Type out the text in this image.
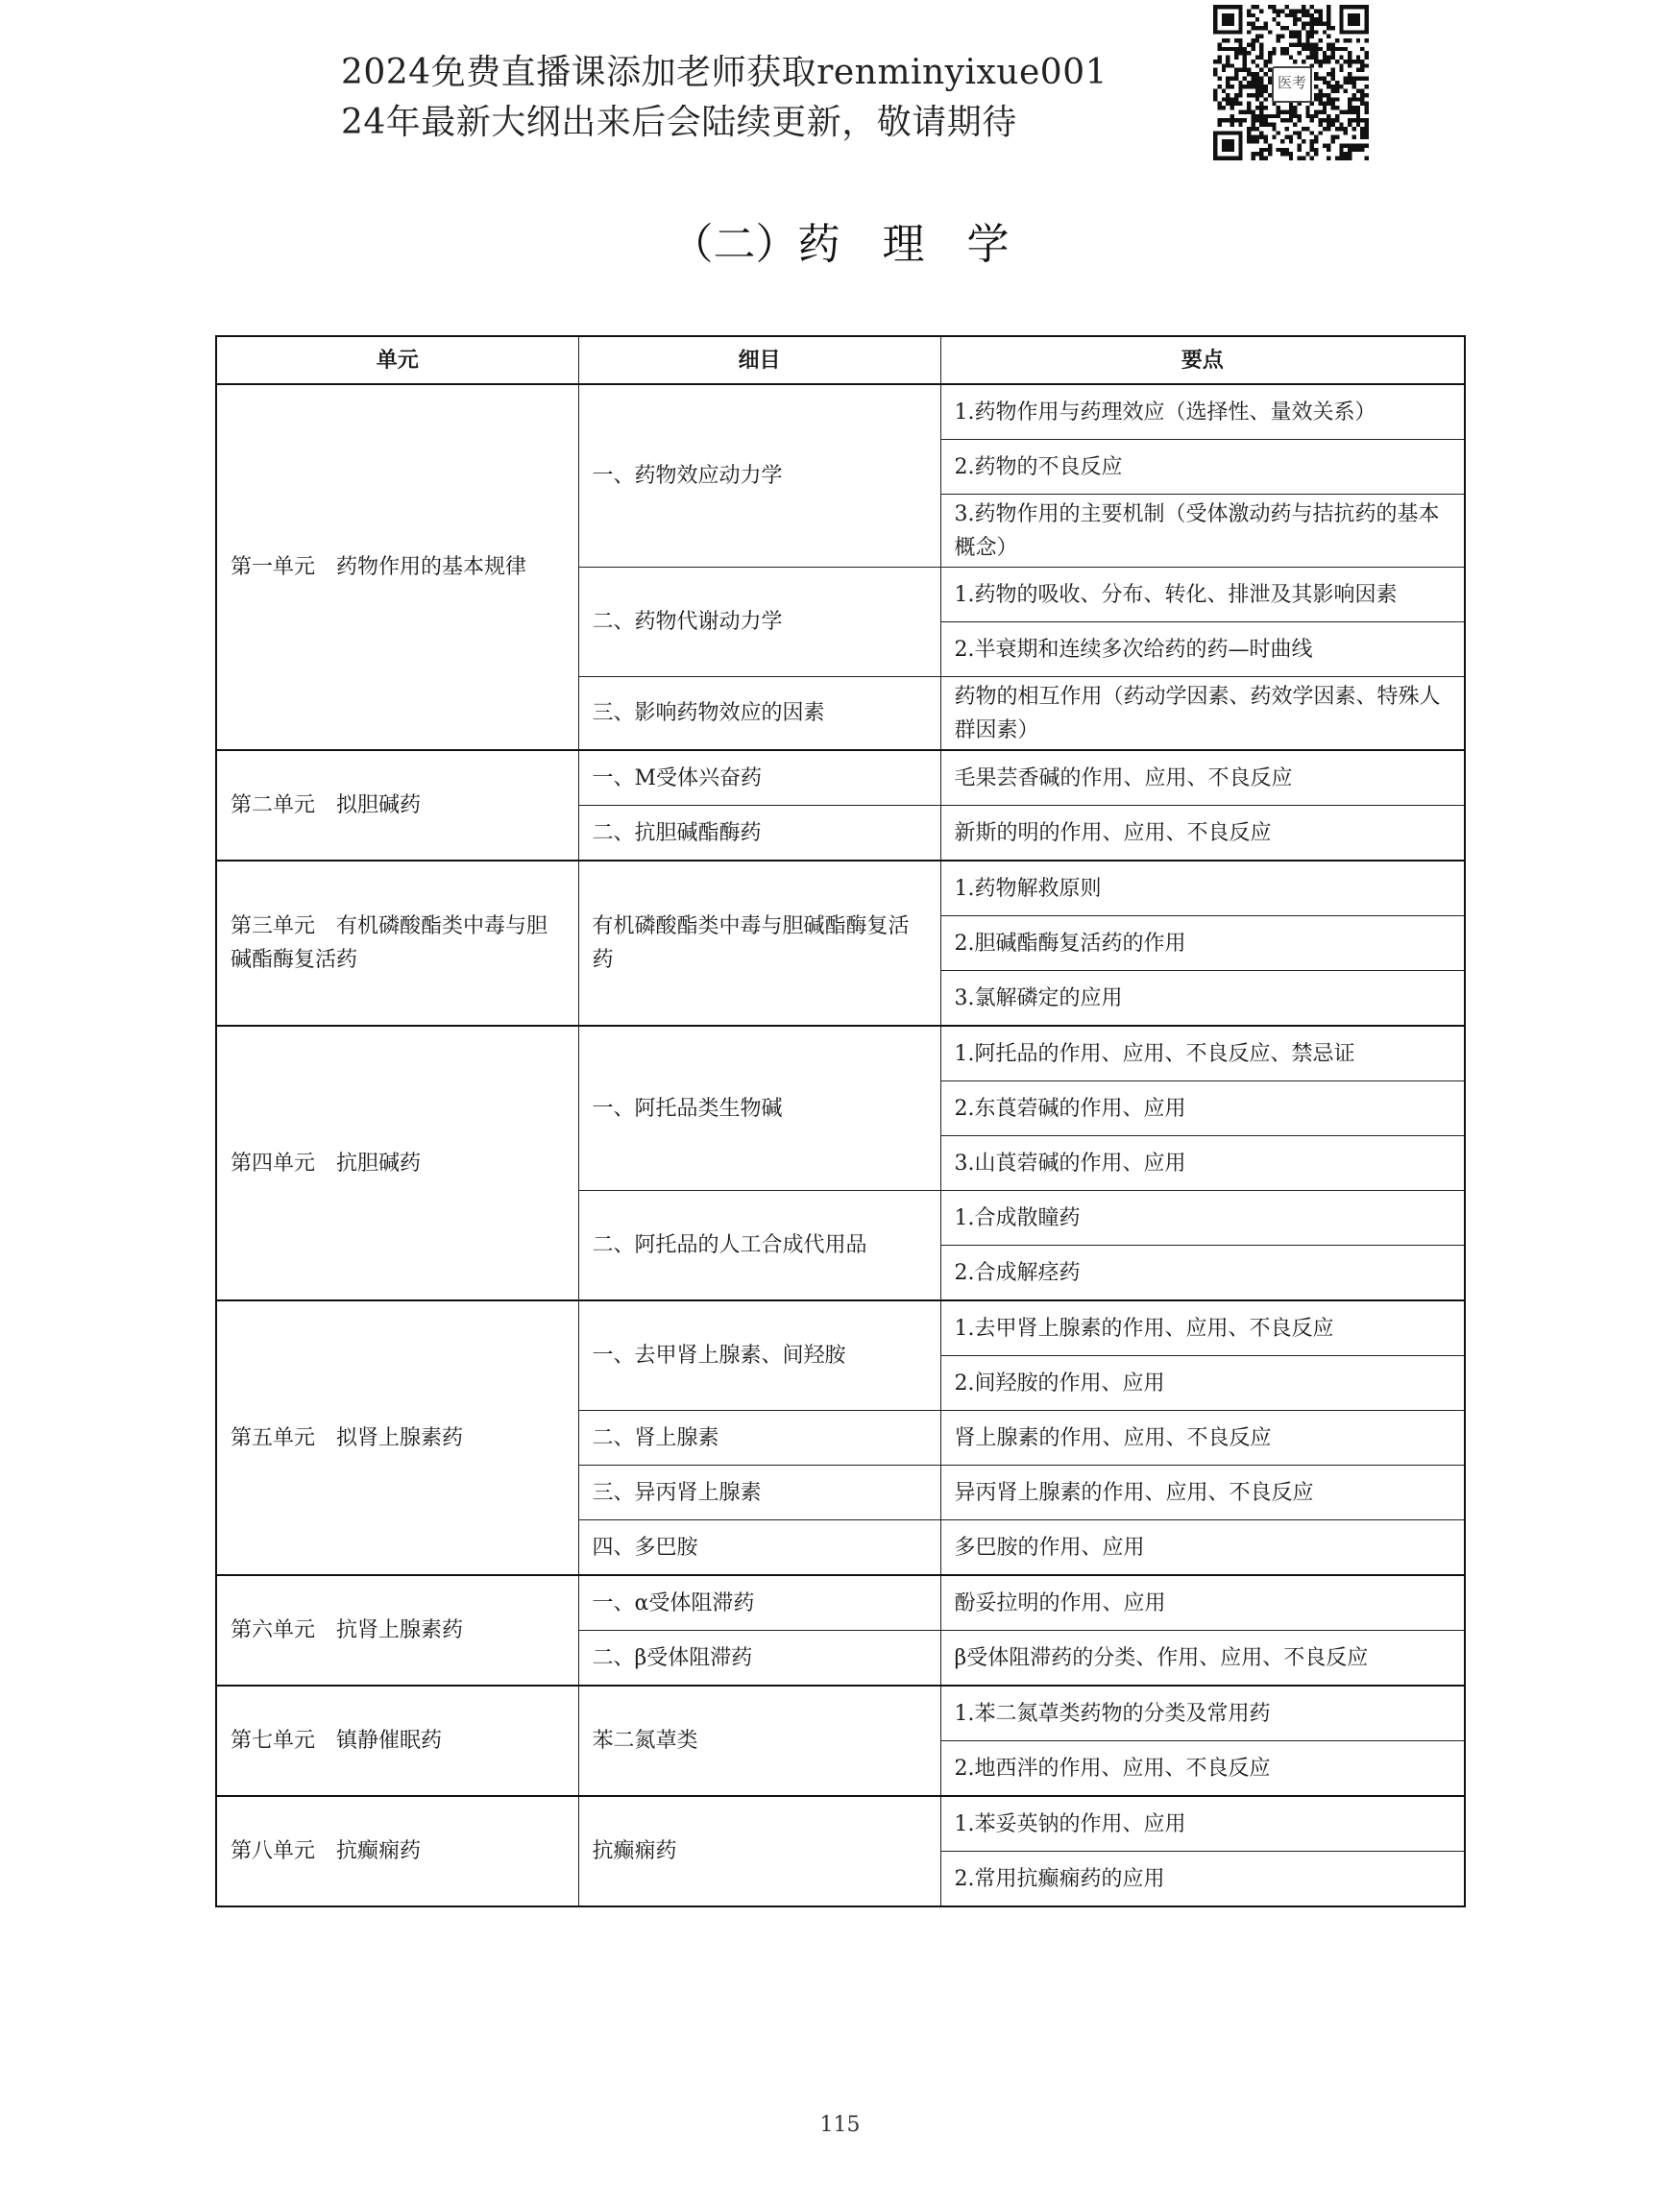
2024免费直播课添加老师获取renminyixue001
24年最新大纲出来后会陆续更新，敬请期待
医考
（二）药　理　学
单元	细目	要点
第一单元　药物作用的基本规律	一、药物效应动力学	1.药物作用与药理效应（选择性、量效关系）
		2.药物的不良反应
		3.药物作用的主要机制（受体激动药与拮抗药的基本概念）
	二、药物代谢动力学	1.药物的吸收、分布、转化、排泄及其影响因素
		2.半衰期和连续多次给药的药—时曲线
	三、影响药物效应的因素	药物的相互作用（药动学因素、药效学因素、特殊人群因素）
第二单元　拟胆碱药	一、M受体兴奋药	毛果芸香碱的作用、应用、不良反应
	二、抗胆碱酯酶药	新斯的明的作用、应用、不良反应
第三单元　有机磷酸酯类中毒与胆碱酯酶复活药	有机磷酸酯类中毒与胆碱酯酶复活药	1.药物解救原则
		2.胆碱酯酶复活药的作用
		3.氯解磷定的应用
第四单元　抗胆碱药	一、阿托品类生物碱	1.阿托品的作用、应用、不良反应、禁忌证
		2.东莨菪碱的作用、应用
		3.山莨菪碱的作用、应用
	二、阿托品的人工合成代用品	1.合成散瞳药
		2.合成解痉药
第五单元　拟肾上腺素药	一、去甲肾上腺素、间羟胺	1.去甲肾上腺素的作用、应用、不良反应
		2.间羟胺的作用、应用
	二、肾上腺素	肾上腺素的作用、应用、不良反应
	三、异丙肾上腺素	异丙肾上腺素的作用、应用、不良反应
	四、多巴胺	多巴胺的作用、应用
第六单元　抗肾上腺素药	一、α受体阻滞药	酚妥拉明的作用、应用
	二、β受体阻滞药	β受体阻滞药的分类、作用、应用、不良反应
第七单元　镇静催眠药	苯二氮䓬类	1.苯二氮䓬类药物的分类及常用药
		2.地西泮的作用、应用、不良反应
第八单元　抗癫痫药	抗癫痫药	1.苯妥英钠的作用、应用
		2.常用抗癫痫药的应用
115
